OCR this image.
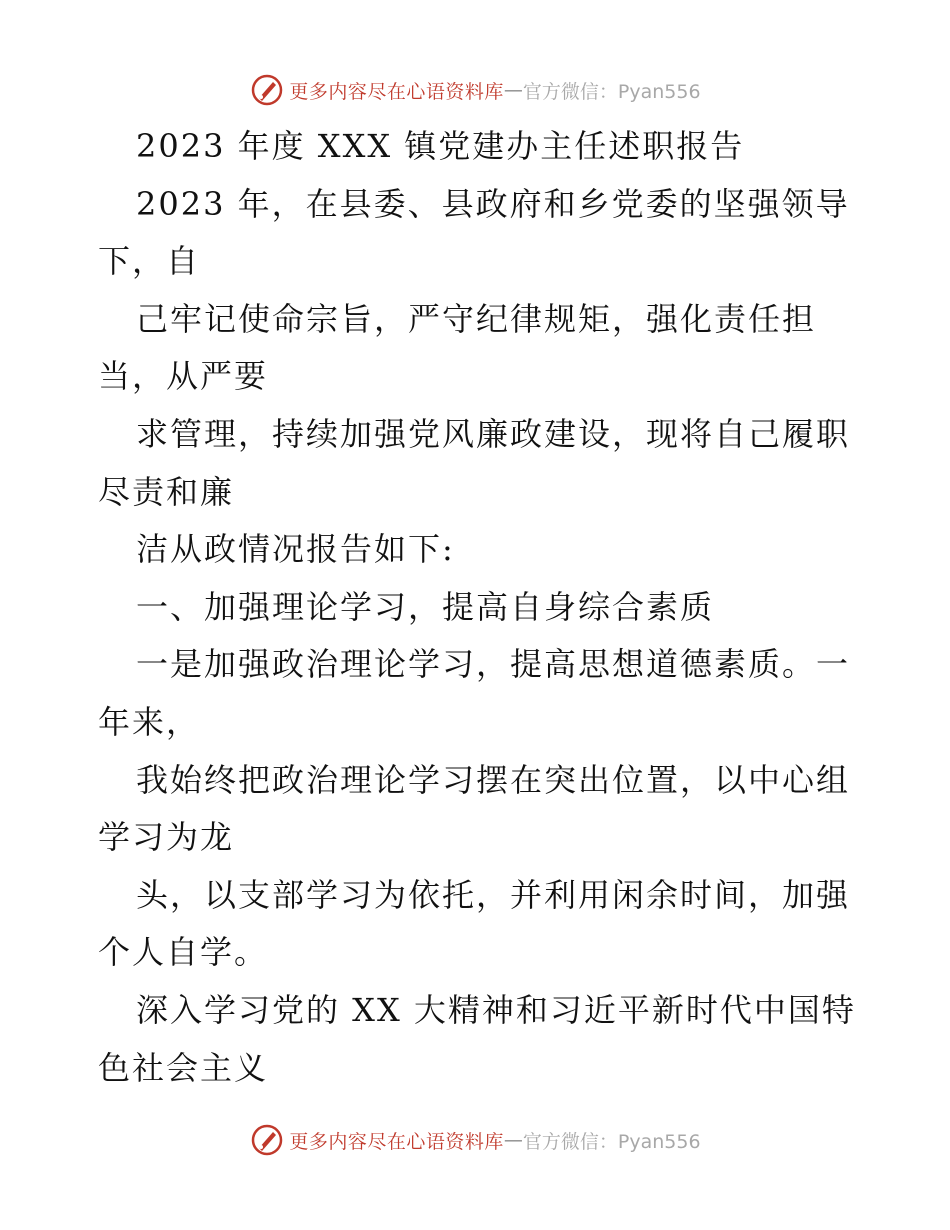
更多内容尽在心语资料库 — 官方微信：Pyan556
2023 年度 XXX 镇党建办主任述职报告
2023 年，在县委、县政府和乡党委的坚强领导
下，自
己牢记使命宗旨，严守纪律规矩，强化责任担
当，从严要
求管理，持续加强党风廉政建设，现将自己履职
尽责和廉
洁从政情况报告如下:
一、加强理论学习，提高自身综合素质
一是加强政治理论学习，提高思想道德素质。一
年来，
我始终把政治理论学习摆在突出位置，以中心组
学习为龙
头，以支部学习为依托，并利用闲余时间，加强
个人自学。
深入学习党的 XX 大精神和习近平新时代中国特
色社会主义
更多内容尽在心语资料库 — 官方微信：Pyan556
